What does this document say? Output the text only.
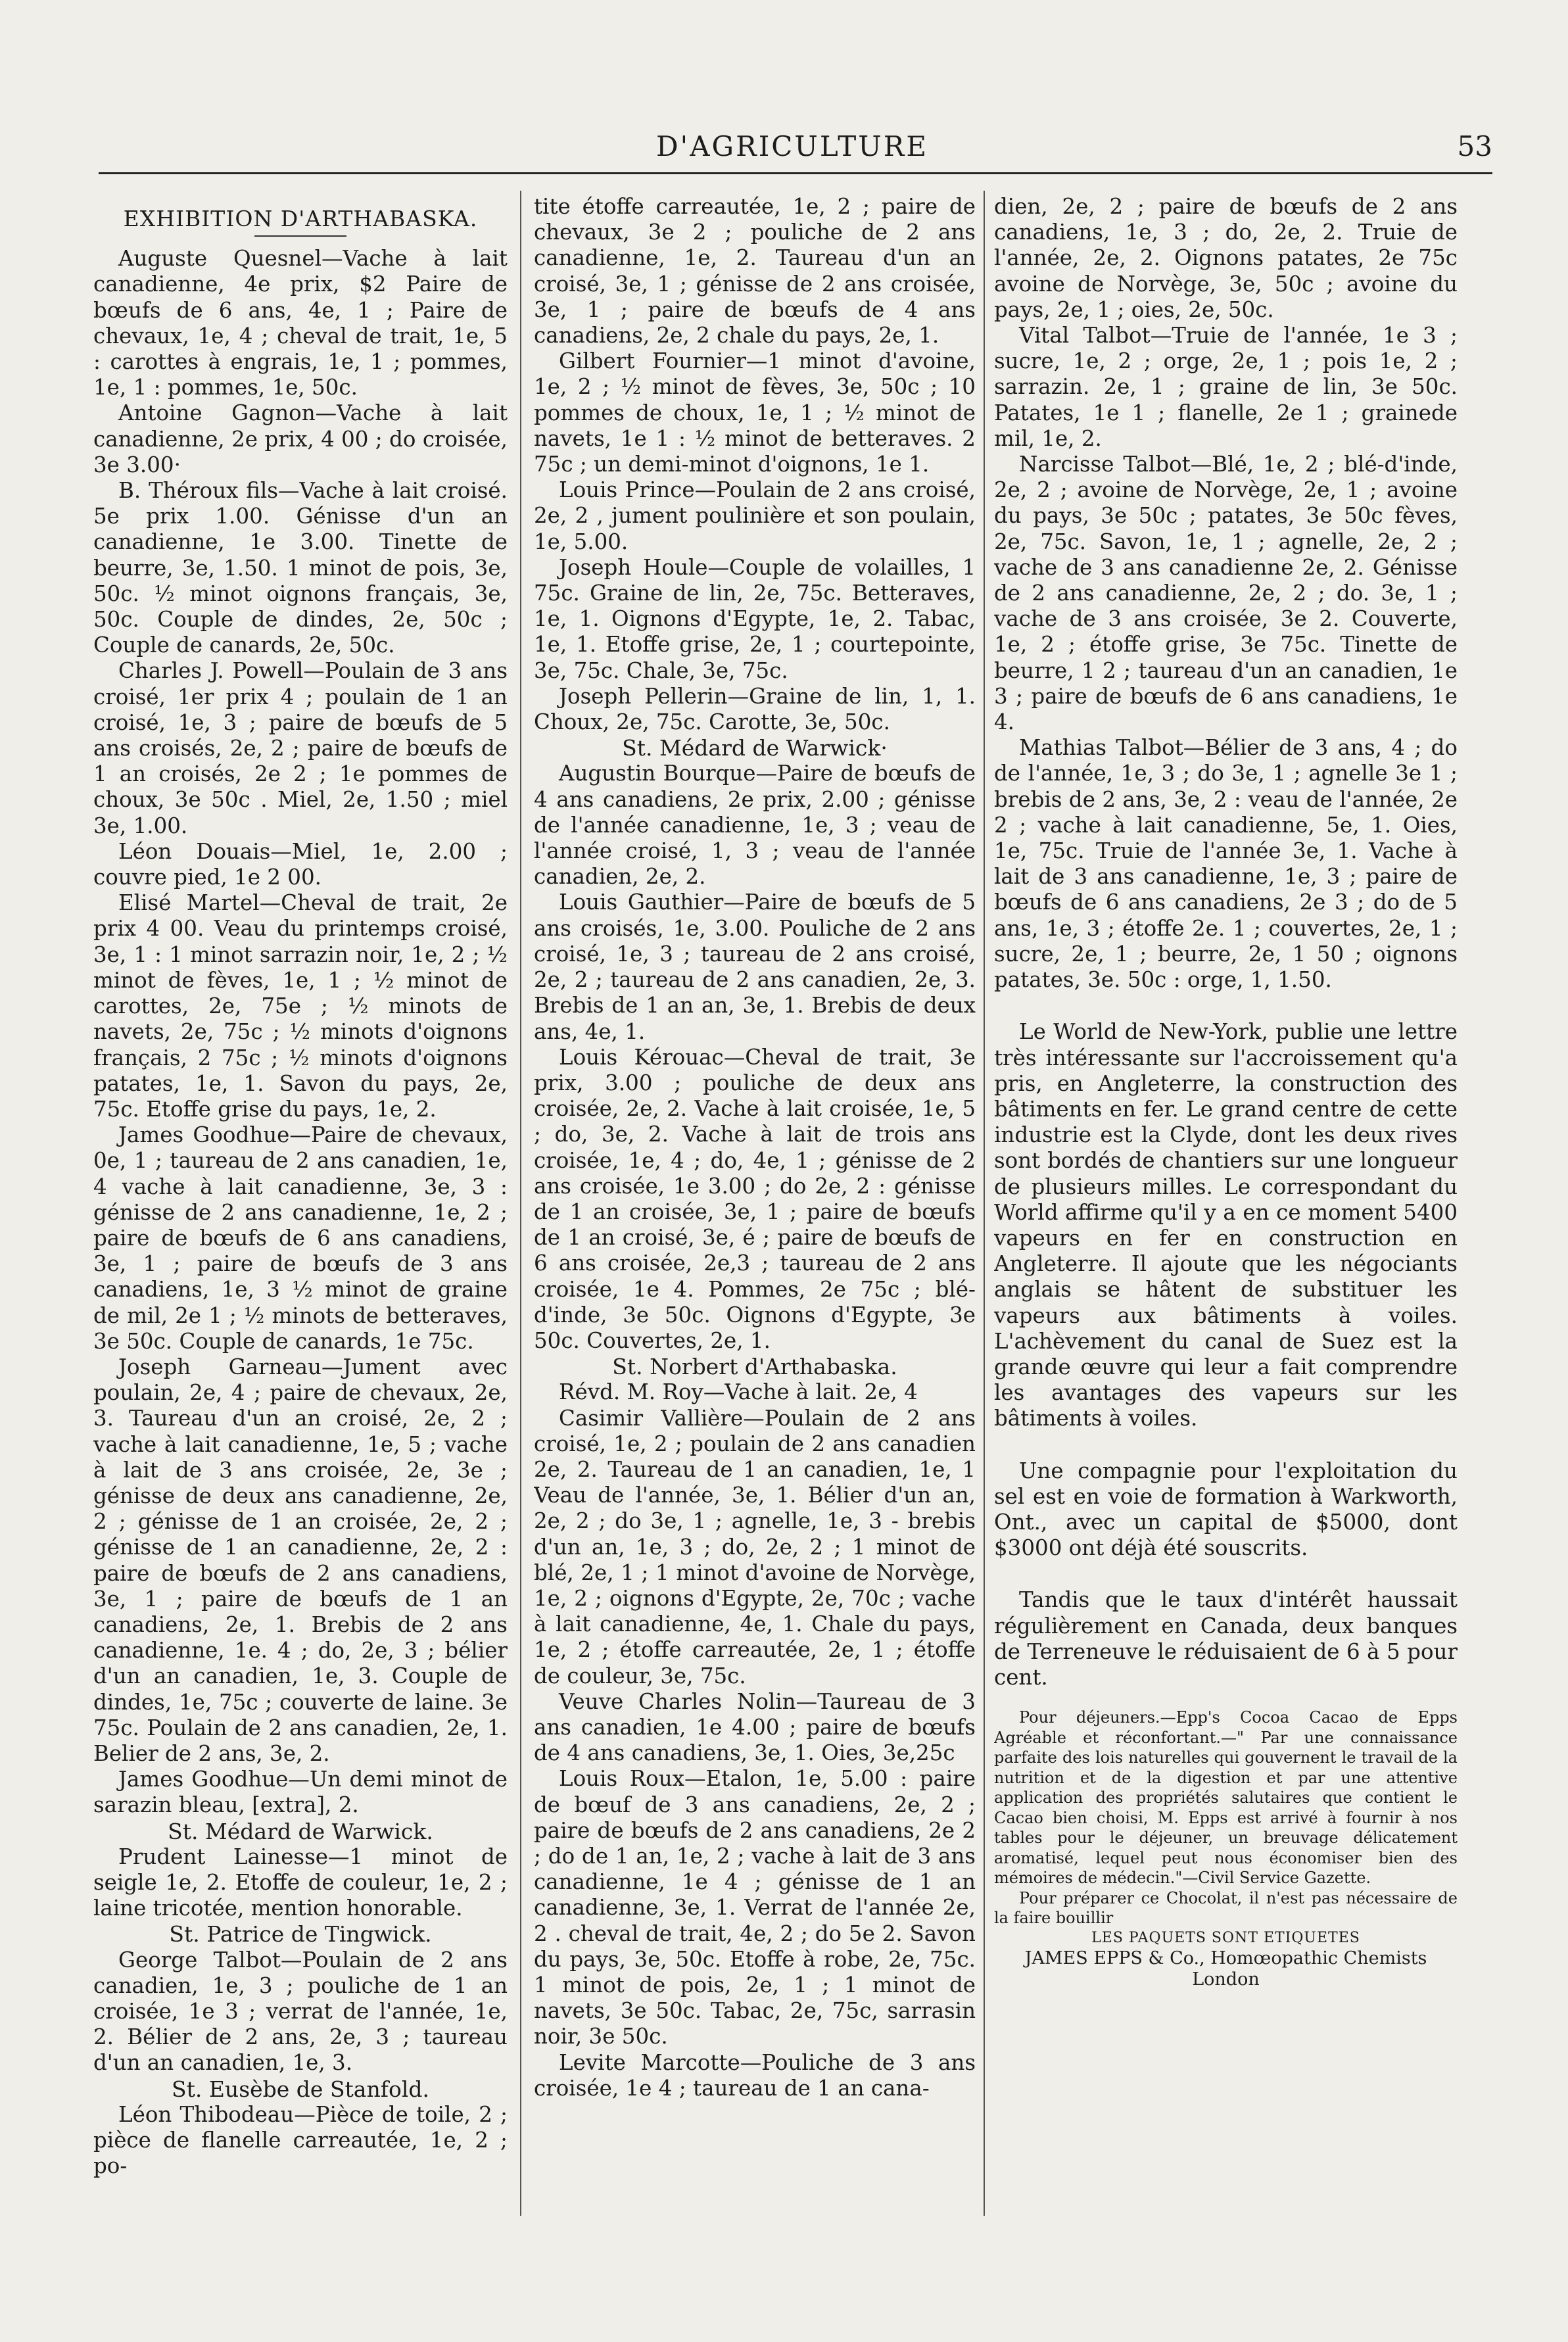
D'AGRICULTURE	53
EXHIBITION D'ARTHABASKA.

Auguste Quesnel—Vache à lait canadienne, 4e prix, $2 Paire de bœufs de 6 ans, 4e, 1 ; Paire de chevaux, 1e, 4 ; cheval de trait, 1e, 5 : carottes à engrais, 1e, 1 ; pommes, 1e, 1 : pommes, 1e, 50c.

Antoine Gagnon—Vache à lait canadienne, 2e prix, 4 00 ; do croisée, 3e 3.00·

B. Théroux fils—Vache à lait croisé. 5e prix 1.00. Génisse d'un an canadienne, 1e 3.00. Tinette de beurre, 3e, 1.50. 1 minot de pois, 3e, 50c. ½ minot oignons français, 3e, 50c. Couple de dindes, 2e, 50c ; Couple de canards, 2e, 50c.

Charles J. Powell—Poulain de 3 ans croisé, 1er prix 4 ; poulain de 1 an croisé, 1e, 3 ; paire de bœufs de 5 ans croisés, 2e, 2 ; paire de bœufs de 1 an croisés, 2e 2 ; 1e pommes de choux, 3e 50c . Miel, 2e, 1.50 ; miel 3e, 1.00.

Léon Douais—Miel, 1e, 2.00 ; couvre pied, 1e 2 00.

Elisé Martel—Cheval de trait, 2e prix 4 00. Veau du printemps croisé, 3e, 1 : 1 minot sarrazin noir, 1e, 2 ; ½ minot de fèves, 1e, 1 ; ½ minot de carottes, 2e, 75e ; ½ minots de navets, 2e, 75c ; ½ minots d'oignons français, 2 75c ; ½ minots d'oignons patates, 1e, 1. Savon du pays, 2e, 75c. Etoffe grise du pays, 1e, 2.

James Goodhue—Paire de chevaux, 0e, 1 ; taureau de 2 ans canadien, 1e, 4 vache à lait canadienne, 3e, 3 : génisse de 2 ans canadienne, 1e, 2 ; paire de bœufs de 6 ans canadiens, 3e, 1 ; paire de bœufs de 3 ans canadiens, 1e, 3 ½ minot de graine de mil, 2e 1 ; ½ minots de betteraves, 3e 50c. Couple de canards, 1e 75c.

Joseph Garneau—Jument avec poulain, 2e, 4 ; paire de chevaux, 2e, 3. Taureau d'un an croisé, 2e, 2 ; vache à lait canadienne, 1e, 5 ; vache à lait de 3 ans croisée, 2e, 3e ; génisse de deux ans canadienne, 2e, 2 ; génisse de 1 an croisée, 2e, 2 ; génisse de 1 an canadienne, 2e, 2 : paire de bœufs de 2 ans canadiens, 3e, 1 ; paire de bœufs de 1 an canadiens, 2e, 1. Brebis de 2 ans canadienne, 1e. 4 ; do, 2e, 3 ; bélier d'un an canadien, 1e, 3. Couple de dindes, 1e, 75c ; couverte de laine. 3e 75c. Poulain de 2 ans canadien, 2e, 1. Belier de 2 ans, 3e, 2.

James Goodhue—Un demi minot de sarazin bleau, [extra], 2.

St. Médard de Warwick.

Prudent Lainesse—1 minot de seigle 1e, 2. Etoffe de couleur, 1e, 2 ; laine tricotée, mention honorable.

St. Patrice de Tingwick.

George Talbot—Poulain de 2 ans canadien, 1e, 3 ; pouliche de 1 an croisée, 1e 3 ; verrat de l'année, 1e, 2. Bélier de 2 ans, 2e, 3 ; taureau d'un an canadien, 1e, 3.

St. Eusèbe de Stanfold.

Léon Thibodeau—Pièce de toile, 2 ; pièce de flanelle carreautée, 1e, 2 ; po-

tite étoffe carreautée, 1e, 2 ; paire de chevaux, 3e 2 ; pouliche de 2 ans canadienne, 1e, 2. Taureau d'un an croisé, 3e, 1 ; génisse de 2 ans croisée, 3e, 1 ; paire de bœufs de 4 ans canadiens, 2e, 2 chale du pays, 2e, 1.

Gilbert Fournier—1 minot d'avoine, 1e, 2 ; ½ minot de fèves, 3e, 50c ; 10 pommes de choux, 1e, 1 ; ½ minot de navets, 1e 1 : ½ minot de betteraves. 2 75c ; un demi-minot d'oignons, 1e 1.

Louis Prince—Poulain de 2 ans croisé, 2e, 2 , jument poulinière et son poulain, 1e, 5.00.

Joseph Houle—Couple de volailles, 1 75c. Graine de lin, 2e, 75c. Betteraves, 1e, 1. Oignons d'Egypte, 1e, 2. Tabac, 1e, 1. Etoffe grise, 2e, 1 ; courtepointe, 3e, 75c. Chale, 3e, 75c.

Joseph Pellerin—Graine de lin, 1, 1. Choux, 2e, 75c. Carotte, 3e, 50c.

St. Médard de Warwick·

Augustin Bourque—Paire de bœufs de 4 ans canadiens, 2e prix, 2.00 ; génisse de l'année canadienne, 1e, 3 ; veau de l'année croisé, 1, 3 ; veau de l'année canadien, 2e, 2.

Louis Gauthier—Paire de bœufs de 5 ans croisés, 1e, 3.00. Pouliche de 2 ans croisé, 1e, 3 ; taureau de 2 ans croisé, 2e, 2 ; taureau de 2 ans canadien, 2e, 3. Brebis de 1 an an, 3e, 1. Brebis de deux ans, 4e, 1.

Louis Kérouac—Cheval de trait, 3e prix, 3.00 ; pouliche de deux ans croisée, 2e, 2. Vache à lait croisée, 1e, 5 ; do, 3e, 2. Vache à lait de trois ans croisée, 1e, 4 ; do, 4e, 1 ; génisse de 2 ans croisée, 1e 3.00 ; do 2e, 2 : génisse de 1 an croisée, 3e, 1 ; paire de bœufs de 1 an croisé, 3e, é ; paire de bœufs de 6 ans croisée, 2e,3 ; taureau de 2 ans croisée, 1e 4. Pommes, 2e 75c ; blé-d'inde, 3e 50c. Oignons d'Egypte, 3e 50c. Couvertes, 2e, 1.

St. Norbert d'Arthabaska.

Révd. M. Roy—Vache à lait. 2e, 4

Casimir Vallière—Poulain de 2 ans croisé, 1e, 2 ; poulain de 2 ans canadien 2e, 2. Taureau de 1 an canadien, 1e, 1 Veau de l'année, 3e, 1. Bélier d'un an, 2e, 2 ; do 3e, 1 ; agnelle, 1e, 3 - brebis d'un an, 1e, 3 ; do, 2e, 2 ; 1 minot de blé, 2e, 1 ; 1 minot d'avoine de Norvège, 1e, 2 ; oignons d'Egypte, 2e, 70c ; vache à lait canadienne, 4e, 1. Chale du pays, 1e, 2 ; étoffe carreautée, 2e, 1 ; étoffe de couleur, 3e, 75c.

Veuve Charles Nolin—Taureau de 3 ans canadien, 1e 4.00 ; paire de bœufs de 4 ans canadiens, 3e, 1. Oies, 3e,25c

Louis Roux—Etalon, 1e, 5.00 : paire de bœuf de 3 ans canadiens, 2e, 2 ; paire de bœufs de 2 ans canadiens, 2e 2 ; do de 1 an, 1e, 2 ; vache à lait de 3 ans canadienne, 1e 4 ; génisse de 1 an canadienne, 3e, 1. Verrat de l'année 2e, 2 . cheval de trait, 4e, 2 ; do 5e 2. Savon du pays, 3e, 50c. Etoffe à robe, 2e, 75c. 1 minot de pois, 2e, 1 ; 1 minot de navets, 3e 50c. Tabac, 2e, 75c, sarrasin noir, 3e 50c.

Levite Marcotte—Pouliche de 3 ans croisée, 1e 4 ; taureau de 1 an cana-

dien, 2e, 2 ; paire de bœufs de 2 ans canadiens, 1e, 3 ; do, 2e, 2. Truie de l'année, 2e, 2. Oignons patates, 2e 75c avoine de Norvège, 3e, 50c ; avoine du pays, 2e, 1 ; oies, 2e, 50c.

Vital Talbot—Truie de l'année, 1e 3 ; sucre, 1e, 2 ; orge, 2e, 1 ; pois 1e, 2 ; sarrazin. 2e, 1 ; graine de lin, 3e 50c. Patates, 1e 1 ; flanelle, 2e 1 ; grainede mil, 1e, 2.

Narcisse Talbot—Blé, 1e, 2 ; blé-d'inde, 2e, 2 ; avoine de Norvège, 2e, 1 ; avoine du pays, 3e 50c ; patates, 3e 50c fèves, 2e, 75c. Savon, 1e, 1 ; agnelle, 2e, 2 ; vache de 3 ans canadienne 2e, 2. Génisse de 2 ans canadienne, 2e, 2 ; do. 3e, 1 ; vache de 3 ans croisée, 3e 2. Couverte, 1e, 2 ; étoffe grise, 3e 75c. Tinette de beurre, 1 2 ; taureau d'un an canadien, 1e 3 ; paire de bœufs de 6 ans canadiens, 1e 4.

Mathias Talbot—Bélier de 3 ans, 4 ; do de l'année, 1e, 3 ; do 3e, 1 ; agnelle 3e 1 ; brebis de 2 ans, 3e, 2 : veau de l'année, 2e 2 ; vache à lait canadienne, 5e, 1. Oies, 1e, 75c. Truie de l'année 3e, 1. Vache à lait de 3 ans canadienne, 1e, 3 ; paire de bœufs de 6 ans canadiens, 2e 3 ; do de 5 ans, 1e, 3 ; étoffe 2e. 1 ; couvertes, 2e, 1 ; sucre, 2e, 1 ; beurre, 2e, 1 50 ; oignons patates, 3e. 50c : orge, 1, 1.50.

Le World de New-York, publie une lettre très intéressante sur l'accroissement qu'a pris, en Angleterre, la construction des bâtiments en fer. Le grand centre de cette industrie est la Clyde, dont les deux rives sont bordés de chantiers sur une longueur de plusieurs milles. Le correspondant du World affirme qu'il y a en ce moment 5400 vapeurs en fer en construction en Angleterre. Il ajoute que les négociants anglais se hâtent de substituer les vapeurs aux bâtiments à voiles. L'achèvement du canal de Suez est la grande œuvre qui leur a fait comprendre les avantages des vapeurs sur les bâtiments à voiles.

Une compagnie pour l'exploitation du sel est en voie de formation à Warkworth, Ont., avec un capital de $5000, dont $3000 ont déjà été souscrits.

Tandis que le taux d'intérêt haussait régulièrement en Canada, deux banques de Terreneuve le réduisaient de 6 à 5 pour cent.

Pour déjeuners.—Epp's Cocoa Cacao de Epps Agréable et réconfortant.—" Par une connaissance parfaite des lois naturelles qui gouvernent le travail de la nutrition et de la digestion et par une attentive application des propriétés salutaires que contient le Cacao bien choisi, M. Epps est arrivé à fournir à nos tables pour le déjeuner, un breuvage délicatement aromatisé, lequel peut nous économiser bien des mémoires de médecin."—Civil Service Gazette.

Pour préparer ce Chocolat, il n'est pas nécessaire de la faire bouillir

LES PAQUETS SONT ETIQUETES

JAMES EPPS & Co., Homœopathic Chemists

London
